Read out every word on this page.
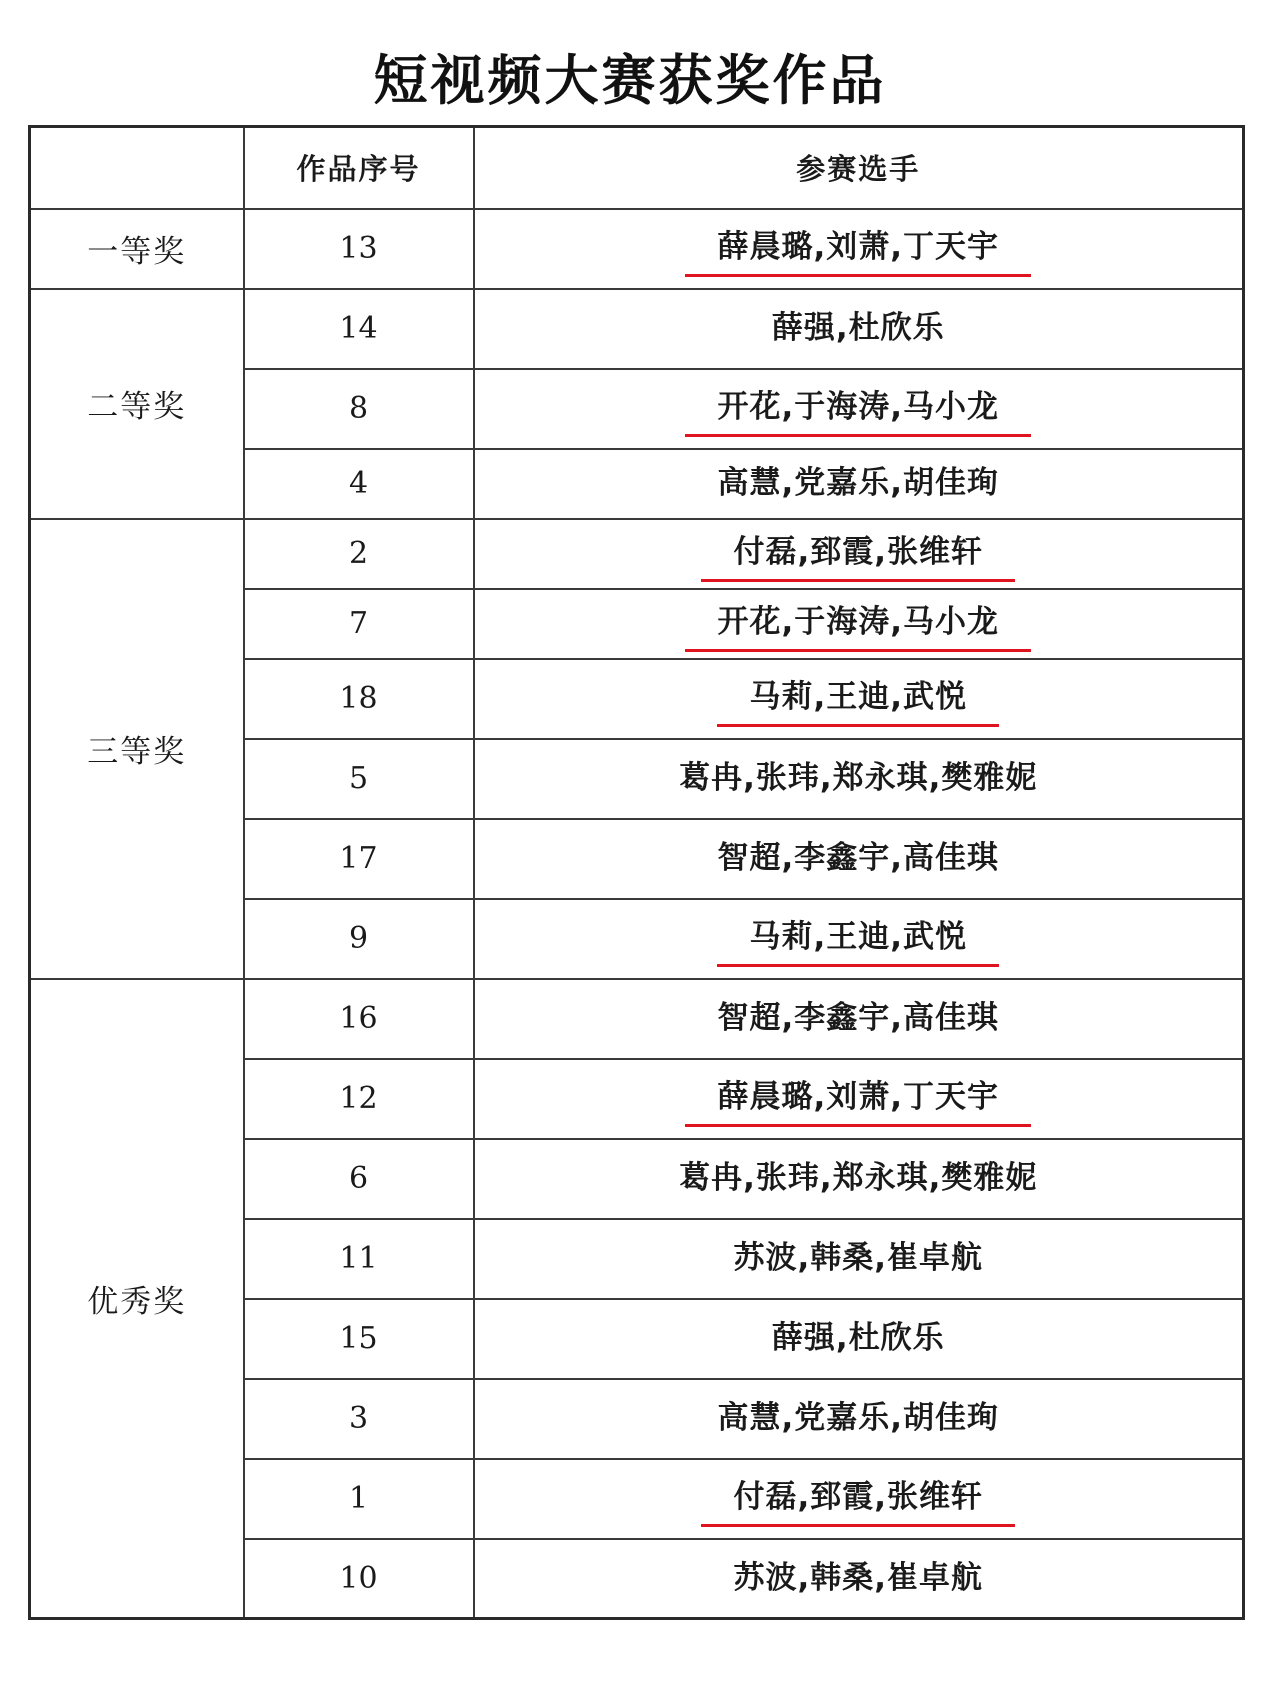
短视频大赛获奖作品
	作品序号	参赛选手
一等奖	13	薛晨璐,刘萧,丁天宇
二等奖	14	薛强,杜欣乐
	8	开花,于海涛,马小龙
	4	高慧,党嘉乐,胡佳珣
三等奖	2	付磊,郅霞,张维轩
	7	开花,于海涛,马小龙
	18	马莉,王迪,武悦
	5	葛冉,张玮,郑永琪,樊雅妮
	17	智超,李鑫宇,高佳琪
	9	马莉,王迪,武悦
优秀奖	16	智超,李鑫宇,高佳琪
	12	薛晨璐,刘萧,丁天宇
	6	葛冉,张玮,郑永琪,樊雅妮
	11	苏波,韩桑,崔卓航
	15	薛强,杜欣乐
	3	高慧,党嘉乐,胡佳珣
	1	付磊,郅霞,张维轩
	10	苏波,韩桑,崔卓航
